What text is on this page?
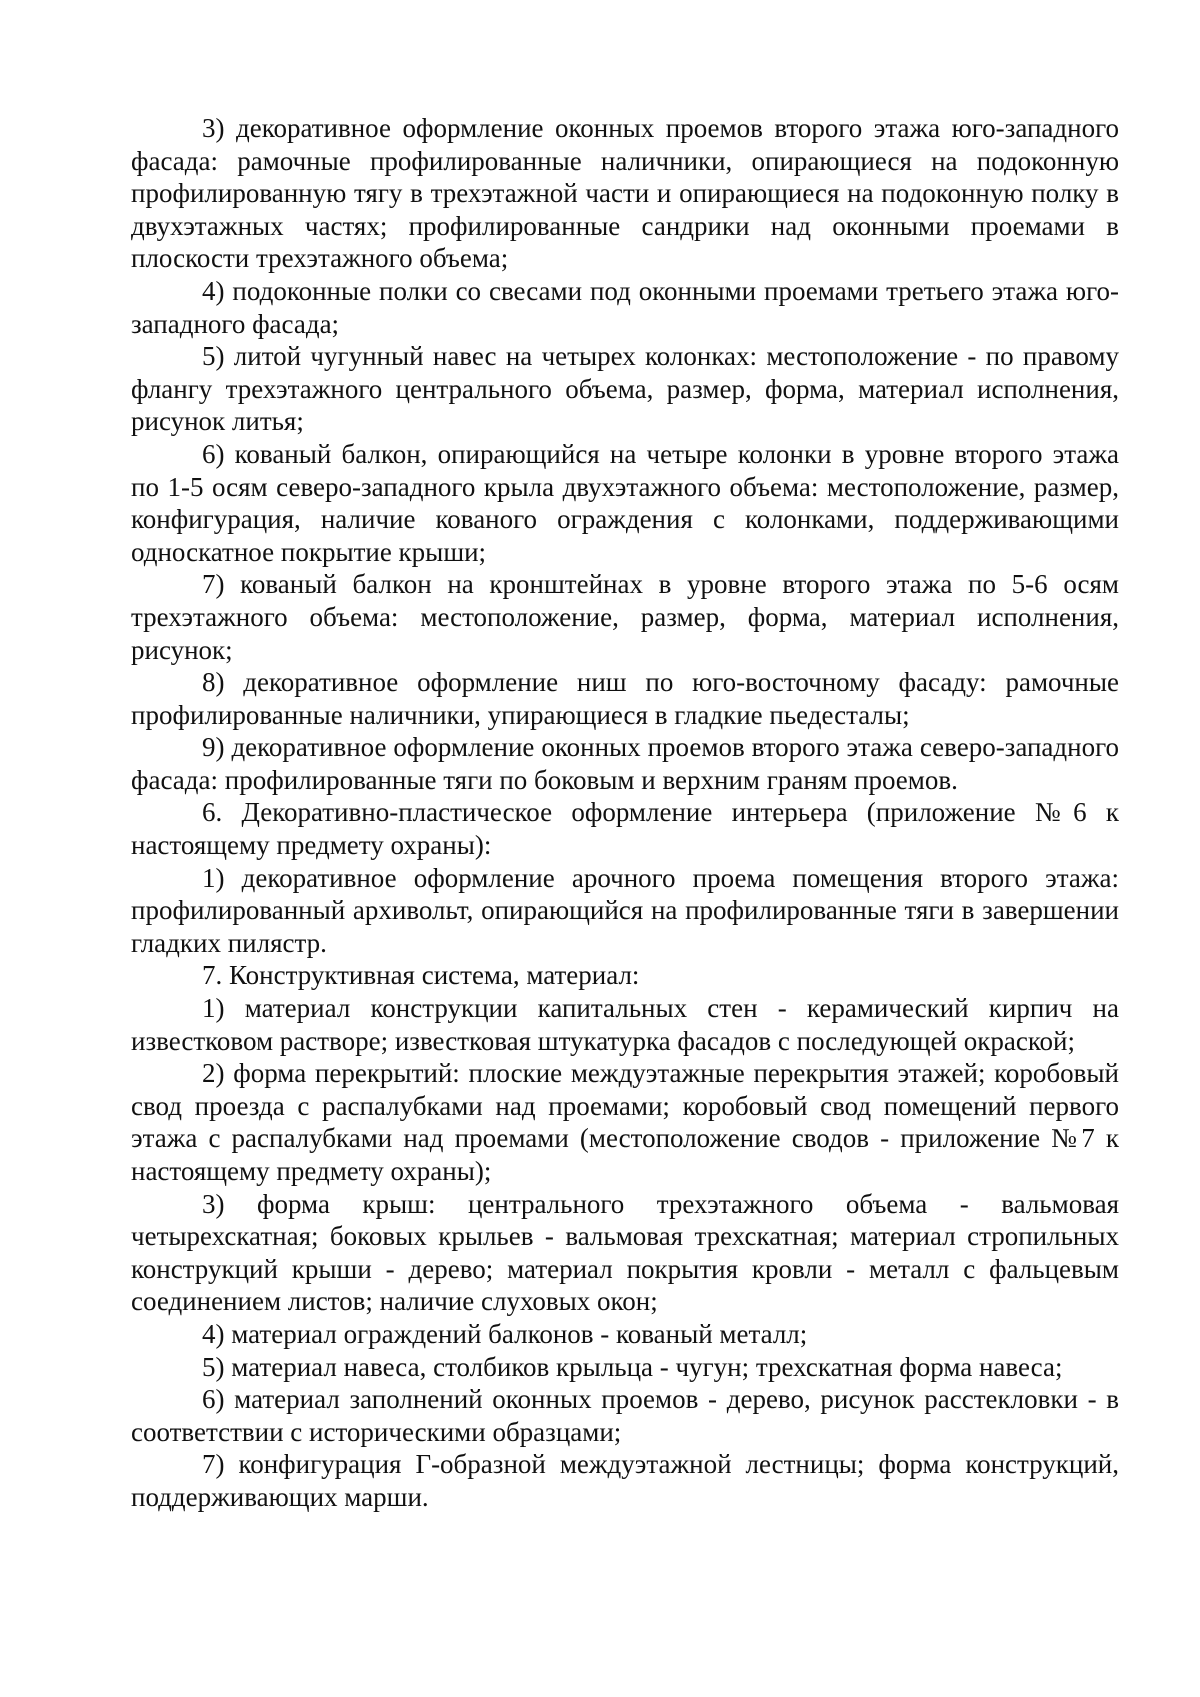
3) декоративное оформление оконных проемов второго этажа юго-западного фасада: рамочные профилированные наличники, опирающиеся на подоконную профилированную тягу в трехэтажной части и опирающиеся на подоконную полку в двухэтажных частях; профилированные сандрики над оконными проемами в плоскости трехэтажного объема;

4) подоконные полки со свесами под оконными проемами третьего этажа юго-западного фасада;

5) литой чугунный навес на четырех колонках: местоположение - по правому флангу трехэтажного центрального объема, размер, форма, материал исполнения, рисунок литья;

6) кованый балкон, опирающийся на четыре колонки в уровне второго этажа по 1-5 осям северо-западного крыла двухэтажного объема: местоположение, размер, конфигурация, наличие кованого ограждения с колонками, поддерживающими односкатное покрытие крыши;

7) кованый балкон на кронштейнах в уровне второго этажа по 5-6 осям трехэтажного объема: местоположение, размер, форма, материал исполнения, рисунок;

8) декоративное оформление ниш по юго-восточному фасаду: рамочные профилированные наличники, упирающиеся в гладкие пьедесталы;

9) декоративное оформление оконных проемов второго этажа северо-западного фасада: профилированные тяги по боковым и верхним граням проемов.

6. Декоративно-пластическое оформление интерьера (приложение №6 к настоящему предмету охраны):

1) декоративное оформление арочного проема помещения второго этажа: профилированный архивольт, опирающийся на профилированные тяги в завершении гладких пилястр.

7. Конструктивная система, материал:

1) материал конструкции капитальных стен - керамический кирпич на известковом растворе; известковая штукатурка фасадов с последующей окраской;

2) форма перекрытий: плоские междуэтажные перекрытия этажей; коробовый свод проезда с распалубками над проемами; коробовый свод помещений первого этажа с распалубками над проемами (местоположение сводов - приложение №7 к настоящему предмету охраны);

3) форма крыш: центрального трехэтажного объема - вальмовая четырехскатная; боковых крыльев - вальмовая трехскатная; материал стропильных конструкций крыши - дерево; материал покрытия кровли - металл с фальцевым соединением листов; наличие слуховых окон;

4) материал ограждений балконов - кованый металл;

5) материал навеса, столбиков крыльца - чугун; трехскатная форма навеса;

6) материал заполнений оконных проемов - дерево, рисунок расстекловки - в соответствии с историческими образцами;

7) конфигурация Г-образной междуэтажной лестницы; форма конструкций, поддерживающих марши.
